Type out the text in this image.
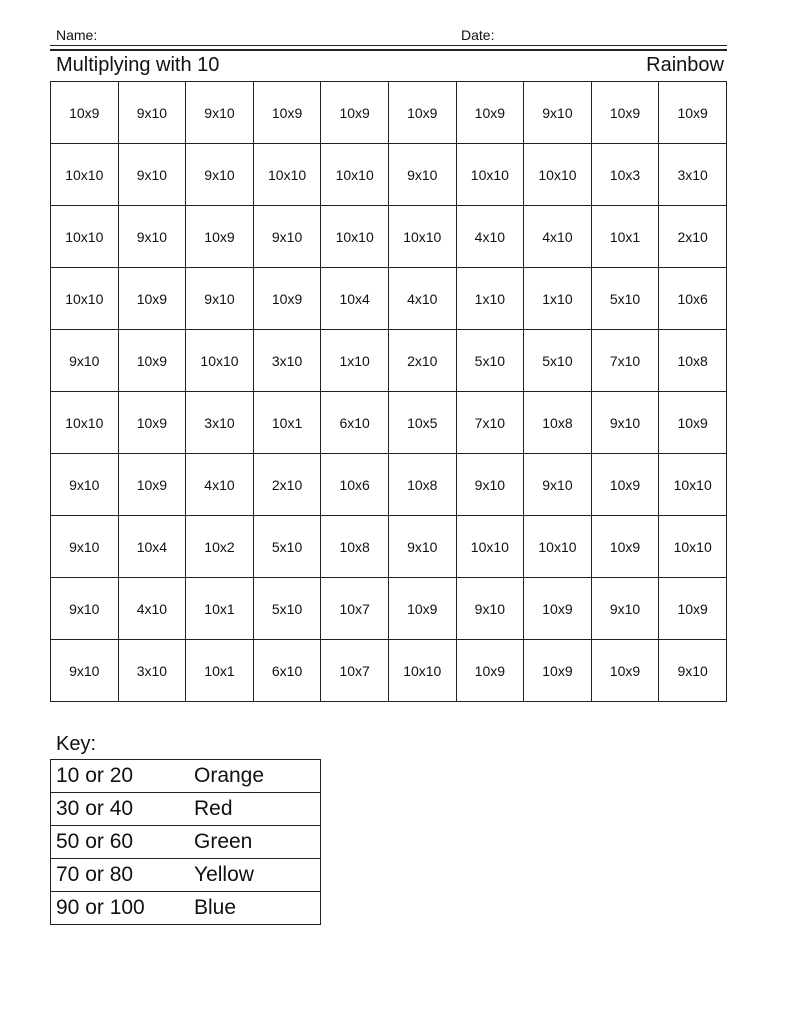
Name:	Date:
Multiplying with 10	Rainbow
10x9	9x10	9x10	10x9	10x9	10x9	10x9	9x10	10x9	10x9
10x10	9x10	9x10	10x10	10x10	9x10	10x10	10x10	10x3	3x10
10x10	9x10	10x9	9x10	10x10	10x10	4x10	4x10	10x1	2x10
10x10	10x9	9x10	10x9	10x4	4x10	1x10	1x10	5x10	10x6
9x10	10x9	10x10	3x10	1x10	2x10	5x10	5x10	7x10	10x8
10x10	10x9	3x10	10x1	6x10	10x5	7x10	10x8	9x10	10x9
9x10	10x9	4x10	2x10	10x6	10x8	9x10	9x10	10x9	10x10
9x10	10x4	10x2	5x10	10x8	9x10	10x10	10x10	10x9	10x10
9x10	4x10	10x1	5x10	10x7	10x9	9x10	10x9	9x10	10x9
9x10	3x10	10x1	6x10	10x7	10x10	10x9	10x9	10x9	9x10
Key:
10 or 20	Orange
30 or 40	Red
50 or 60	Green
70 or 80	Yellow
90 or 100	Blue
